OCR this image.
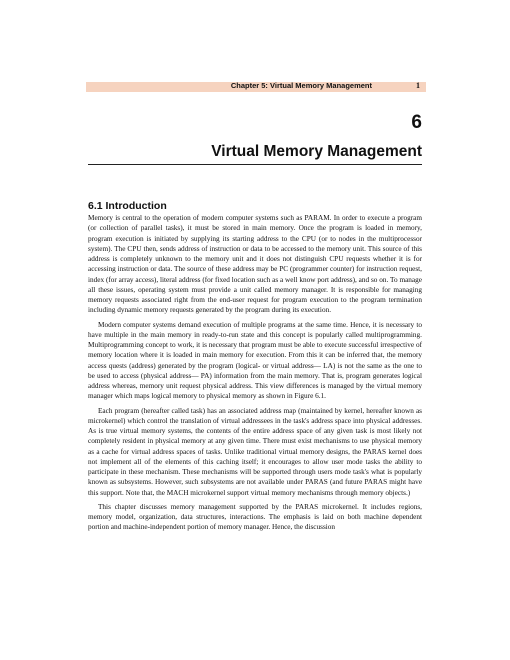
Chapter 5: Virtual Memory Management	1
6
Virtual Memory Management
6.1 Introduction

Memory is central to the operation of modern computer systems such as PARAM. In order to execute a program (or collection of parallel tasks), it must be stored in main memory. Once the program is loaded in memory, program execution is initiated by supplying its starting address to the CPU (or to nodes in the multiprocessor system). The CPU then, sends address of instruction or data to be accessed to the memory unit. This source of this address is completely unknown to the memory unit and it does not distinguish CPU requests whether it is for accessing instruction or data. The source of these address may be PC (programmer counter) for instruction request, index (for array access), literal address (for fixed location such as a well know port address), and so on. To manage all these issues, operating system must provide a unit called memory manager. It is responsible for managing memory requests associated right from the end-user request for program execution to the program termination including dynamic memory requests generated by the program during its execution.

Modern computer systems demand execution of multiple programs at the same time. Hence, it is necessary to have multiple in the main memory in ready-to-run state and this concept is popularly called multiprogramming. Multiprogramming concept to work, it is necessary that program must be able to execute successful irrespective of memory location where it is loaded in main memory for execution. From this it can be inferred that, the memory access quests (address) generated by the program (logical- or virtual address— LA) is not the same as the one to be used to access (physical address— PA) information from the main memory. That is, program generates logical address whereas, memory unit request physical address. This view differences is managed by the virtual memory manager which maps logical memory to physical memory as shown in Figure 6.1.

Each program (hereafter called task) has an associated address map (maintained by kernel, hereafter known as microkernel) which control the translation of virtual addressees in the task's address space into physical addresses. As is true virtual memory systems, the contents of the entire address space of any given task is most likely not completely resident in physical memory at any given time. There must exist mechanisms to use physical memory as a cache for virtual address spaces of tasks. Unlike traditional virtual memory designs, the PARAS kernel does not implement all of the elements of this caching itself; it encourages to allow user mode tasks the ability to participate in these mechanism. These mechanisms will be supported through users mode task's what is popularly known as subsystems. However, such subsystems are not available under PARAS (and future PARAS might have this support. Note that, the MACH microkernel support virtual memory mechanisms through memory objects.)

This chapter discusses memory management supported by the PARAS microkernel. It includes regions, memory model, organization, data structures, interactions. The emphasis is laid on both machine dependent portion and machine-independent portion of memory manager. Hence, the discussion
